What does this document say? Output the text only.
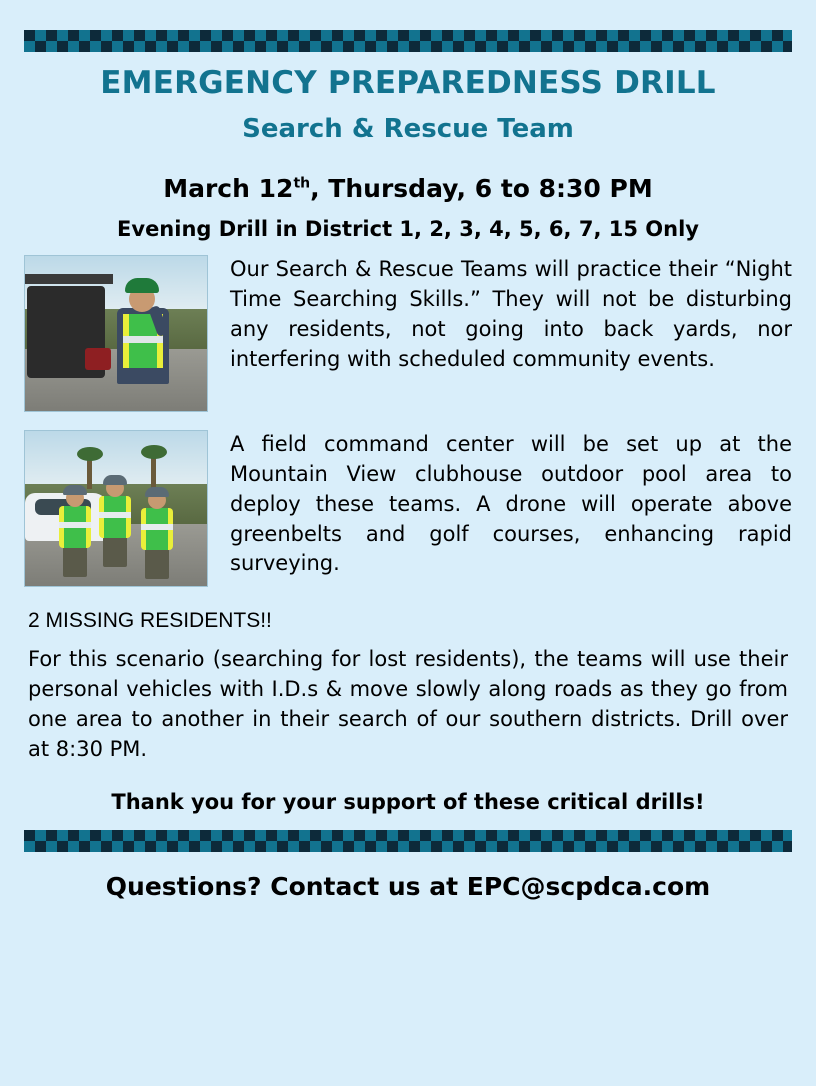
EMERGENCY PREPAREDNESS DRILL
Search & Rescue Team
March 12th, Thursday, 6 to 8:30 PM
Evening Drill in District 1, 2, 3, 4, 5, 6, 7, 15 Only
Our Search & Rescue Teams will practice their “Night Time Searching Skills.” They will not be disturbing any residents, not going into back yards, nor interfering with scheduled community events.
A field command center will be set up at the Mountain View clubhouse outdoor pool area to deploy these teams. A drone will operate above greenbelts and golf courses, enhancing rapid surveying.
2 MISSING RESIDENTS!!
For this scenario (searching for lost residents), the teams will use their personal vehicles with I.D.s & move slowly along roads as they go from one area to another in their search of our southern districts. Drill over at 8:30 PM.
Thank you for your support of these critical drills!
Questions? Contact us at EPC@scpdca.com
